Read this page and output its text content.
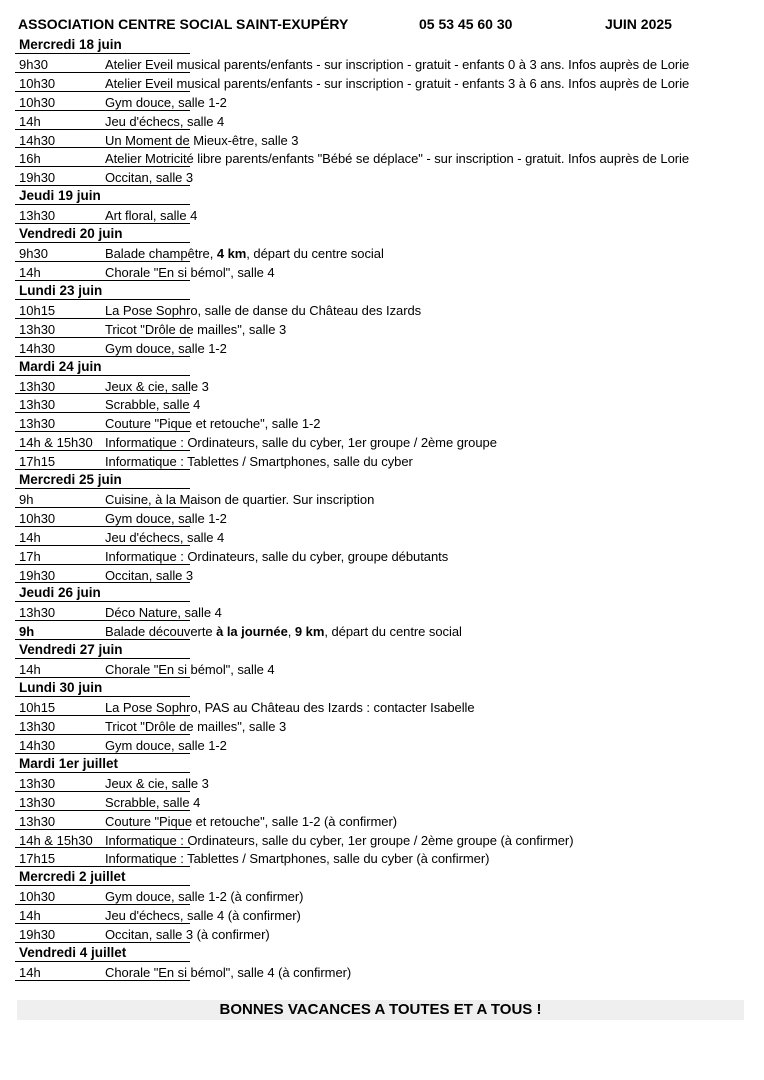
ASSOCIATION CENTRE SOCIAL SAINT-EXUPÉRY	05 53 45 60 30	JUIN 2025
Mercredi 18 juin
9h30	Atelier Eveil musical parents/enfants - sur inscription - gratuit - enfants 0 à 3 ans. Infos auprès de Lorie
10h30	Atelier Eveil musical parents/enfants - sur inscription - gratuit - enfants 3 à 6 ans. Infos auprès de Lorie
10h30	Gym douce, salle 1-2
14h	Jeu d'échecs, salle 4
14h30	Un Moment de Mieux-être, salle 3
16h	Atelier Motricité libre parents/enfants "Bébé se déplace" - sur inscription - gratuit. Infos auprès de Lorie
19h30	Occitan, salle 3
Jeudi 19 juin
13h30	Art floral, salle 4
Vendredi 20 juin
9h30	Balade champêtre, 4 km, départ du centre social
14h	Chorale "En si bémol", salle 4
Lundi 23 juin
10h15	La Pose Sophro, salle de danse du Château des Izards
13h30	Tricot "Drôle de mailles", salle 3
14h30	Gym douce, salle 1-2
Mardi 24 juin
13h30	Jeux & cie, salle 3
13h30	Scrabble, salle 4
13h30	Couture "Pique et retouche", salle 1-2
14h & 15h30 Informatique : Ordinateurs, salle du cyber, 1er groupe / 2ème groupe
17h15	Informatique : Tablettes / Smartphones, salle du cyber
Mercredi 25 juin
9h	Cuisine, à la Maison de quartier. Sur inscription
10h30	Gym douce, salle 1-2
14h	Jeu d'échecs, salle 4
17h	Informatique : Ordinateurs, salle du cyber, groupe débutants
19h30	Occitan, salle 3
Jeudi 26 juin
13h30	Déco Nature, salle 4
9h	Balade découverte à la journée, 9 km, départ du centre social
Vendredi 27 juin
14h	Chorale "En si bémol", salle 4
Lundi 30 juin
10h15	La Pose Sophro, PAS au Château des Izards : contacter Isabelle
13h30	Tricot "Drôle de mailles", salle 3
14h30	Gym douce, salle 1-2
Mardi 1er juillet
13h30	Jeux & cie, salle 3
13h30	Scrabble, salle 4
13h30	Couture "Pique et retouche", salle 1-2 (à confirmer)
14h & 15h30 Informatique : Ordinateurs, salle du cyber, 1er groupe / 2ème groupe (à confirmer)
17h15	Informatique : Tablettes / Smartphones, salle du cyber (à confirmer)
Mercredi 2 juillet
10h30	Gym douce, salle 1-2 (à confirmer)
14h	Jeu d'échecs, salle 4 (à confirmer)
19h30	Occitan, salle 3 (à confirmer)
Vendredi 4 juillet
14h	Chorale "En si bémol", salle 4 (à confirmer)
BONNES VACANCES A TOUTES ET A TOUS !
